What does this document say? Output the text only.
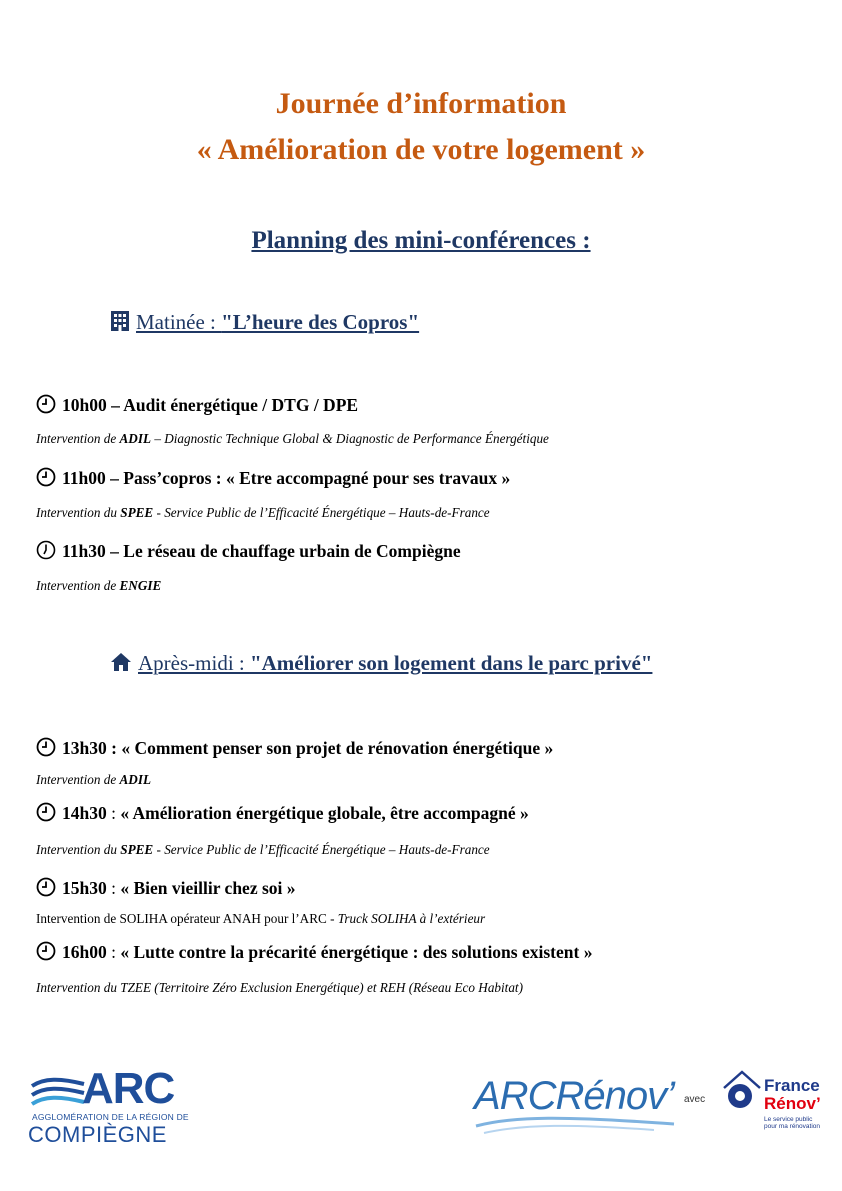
Journée d’information
« Amélioration de votre logement »
Planning des mini-conférences :
Matinée : "L’heure des Copros"
10h00 – Audit énergétique / DTG / DPE
Intervention de ADIL – Diagnostic Technique Global & Diagnostic de Performance Énergétique
11h00 – Pass’copros : « Etre accompagné pour ses travaux »
Intervention du SPEE - Service Public de l’Efficacité Énergétique – Hauts-de-France
11h30 – Le réseau de chauffage urbain de Compiègne
Intervention de ENGIE
Après-midi : "Améliorer son logement dans le parc privé"
13h30 : « Comment penser son projet de rénovation énergétique »
Intervention de ADIL
14h30 : « Amélioration énergétique globale, être accompagné »
Intervention du SPEE - Service Public de l’Efficacité Énergétique – Hauts-de-France
15h30 : « Bien vieillir chez soi »
Intervention de SOLIHA opérateur ANAH pour l’ARC - Truck SOLIHA à l’extérieur
16h00 : « Lutte contre la précarité énergétique : des solutions existent »
Intervention du TZEE (Territoire Zéro Exclusion Energétique) et REH (Réseau Eco Habitat)
ARC
AGGLOMÉRATION DE LA RÉGION DE
COMPIÈGNE
ARCRénov’ avec
France
Rénov’
Le service public pour ma rénovation
